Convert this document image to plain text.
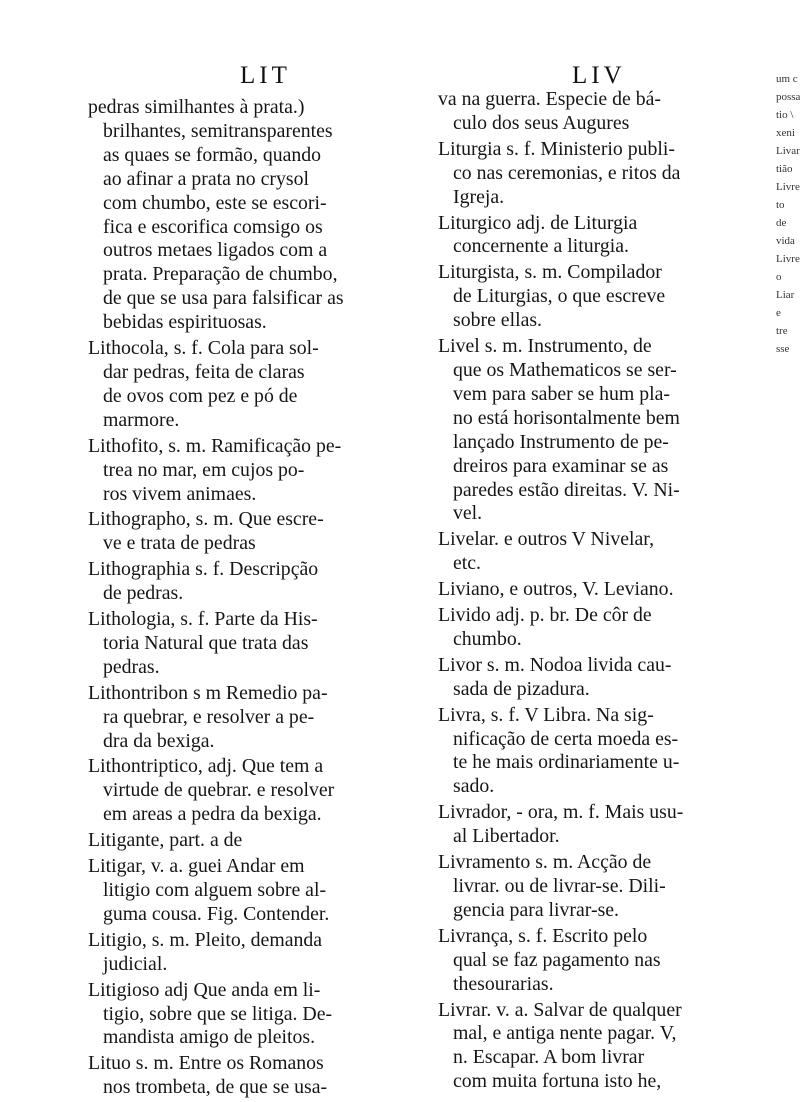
LIT	LIV
pedras similhantes à prata.)
brilhantes, semitransparentes
as quaes se formão, quando
ao afinar a prata no crysol
com chumbo, este se escori-
fica e escorifica comsigo os
outros metaes ligados com a
prata. Preparação de chumbo,
de que se usa para falsificar as
bebidas espirituosas.
Lithocola, s. f. Cola para sol-
dar pedras, feita de claras
de ovos com pez e pó de
marmore.
Lithofito, s. m. Ramificação pe-
trea no mar, em cujos po-
ros vivem animaes.
Lithographo, s. m. Que escre-
ve e trata de pedras
Lithographia s. f. Descripção
de pedras.
Lithologia, s. f. Parte da His-
toria Natural que trata das
pedras.
Lithontribon s m Remedio pa-
ra quebrar, e resolver a pe-
dra da bexiga.
Lithontriptico, adj. Que tem a
virtude de quebrar. e resolver
em areas a pedra da bexiga.
Litigante, part. a de
Litigar, v. a. guei Andar em
litigio com alguem sobre al-
guma cousa. Fig. Contender.
Litigio, s. m. Pleito, demanda
judicial.
Litigioso adj Que anda em li-
tigio, sobre que se litiga. De-
mandista amigo de pleitos.
Lituo s. m. Entre os Romanos
nos trombeta, de que se usa-
va na guerra. Especie de bá-
culo dos seus Augures
Liturgia s. f. Ministerio publi-
co nas ceremonias, e ritos da
Igreja.
Liturgico adj. de Liturgia
concernente a liturgia.
Liturgista, s. m. Compilador
de Liturgias, o que escreve
sobre ellas.
Livel s. m. Instrumento, de
que os Mathematicos se ser-
vem para saber se hum pla-
no está horisontalmente bem
lançado Instrumento de pe-
dreiros para examinar se as
paredes estão direitas. V. Ni-
vel.
Livelar. e outros V Nivelar,
etc.
Liviano, e outros, V. Leviano.
Livido adj. p. br. De côr de
chumbo.
Livor s. m. Nodoa livida cau-
sada de pizadura.
Livra, s. f. V Libra. Na sig-
nificação de certa moeda es-
te he mais ordinariamente u-
sado.
Livrador, - ora, m. f. Mais usu-
al Libertador.
Livramento s. m. Acção de
livrar. ou de livrar-se. Dili-
gencia para livrar-se.
Livrança, s. f. Escrito pelo
qual se faz pagamento nas
thesourarias.
Livrar. v. a. Salvar de qualquer
mal, e antiga nente pagar. V,
n. Escapar. A bom livrar
com muita fortuna isto he,
um c
possa
tio \
xeni
Livar
tião
Livre
to
de
vida
Livre
o
Liar
e
tre
sse
